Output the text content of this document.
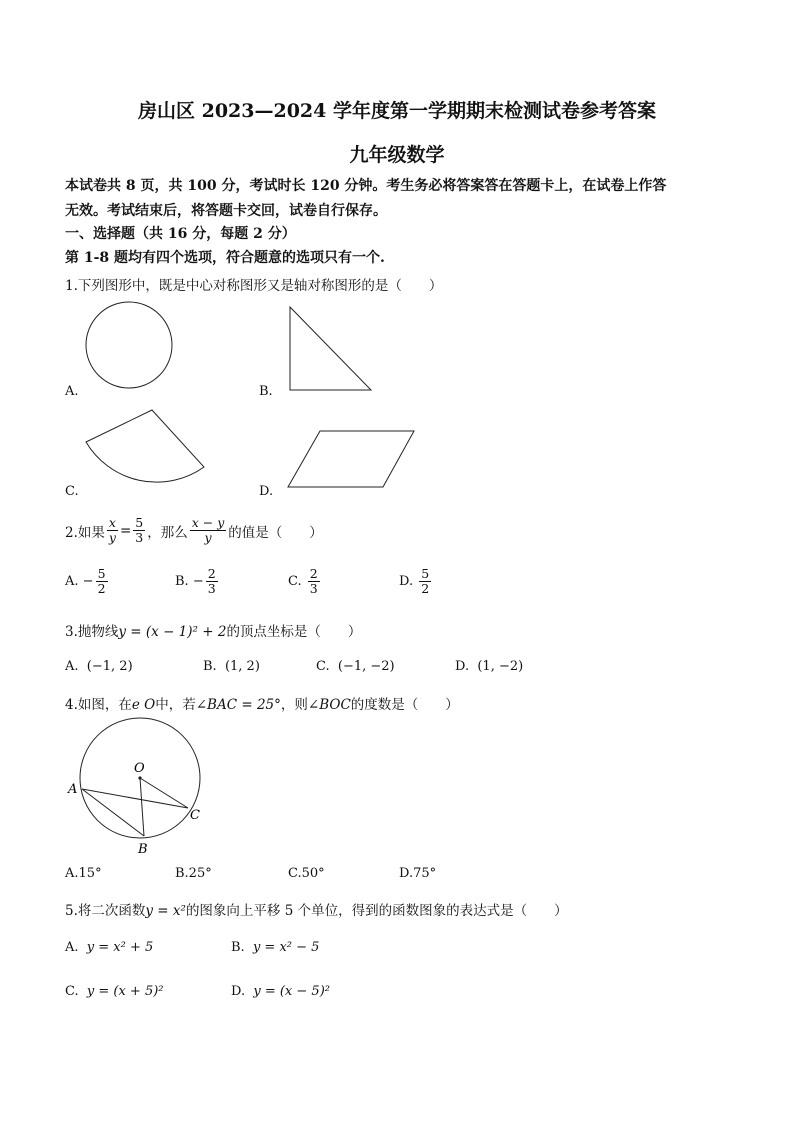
房山区 2023—2024 学年度第一学期期末检测试卷参考答案
九年级数学
本试卷共 8 页，共 100 分，考试时长 120 分钟。考生务必将答案答在答题卡上，在试卷上作答
无效。考试结束后，将答题卡交回，试卷自行保存。
一、选择题（共 16 分，每题 2 分）
第 1-8 题均有四个选项，符合题意的选项只有一个.
1.下列图形中，既是中心对称图形又是轴对称图形的是（　　）
A.	B.
C.	D.
2.如果 $\frac{x}{y} = \frac{5}{3}$ ，那么 $\frac{x - y}{y}$ 的值是（　　）
A.
− $\frac{5}{2}$	B.
− $\frac{2}{3}$	C.
$\frac{2}{3}$	D.
$\frac{5}{2}$
3.抛物线y = (x − 1)² + 2的顶点坐标是（　　）
A. (−1, 2)	B. (1, 2)	C. (−1, −2)	D. (1, −2)
4.如图，在e O中，若∠BAC = 25°，则∠BOC的度数是（　　）
O
A
B
C
A.15°	B.25°	C.50°	D.75°
5.将二次函数y = x²的图象向上平移 5 个单位，得到的函数图象的表达式是（　　）
A. y = x² + 5	B. y = x² − 5
C. y = (x + 5)²	D. y = (x − 5)²
